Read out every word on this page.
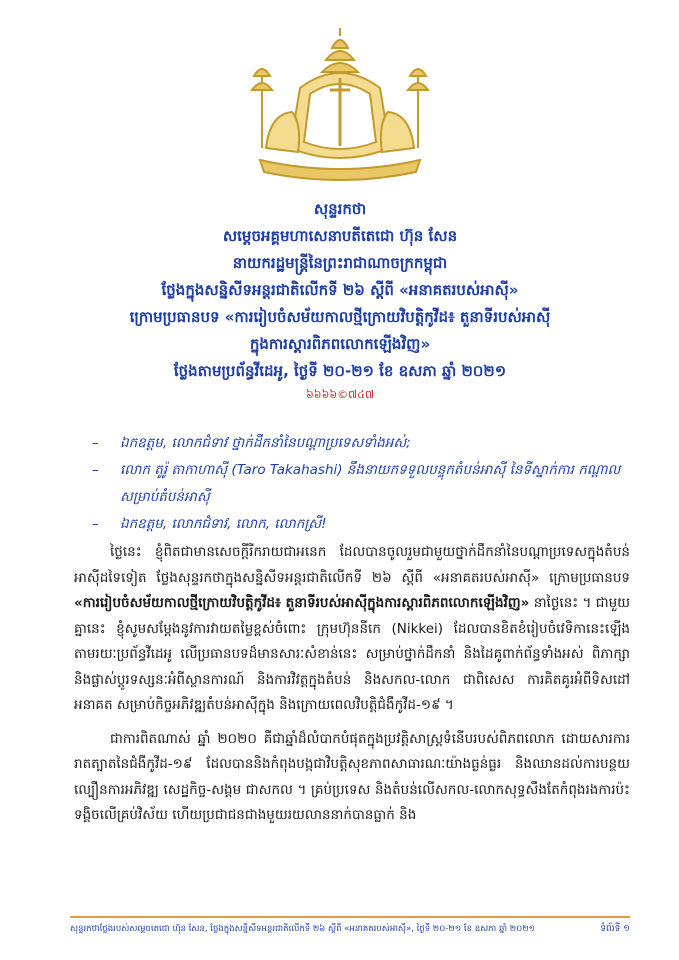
សុន្ទរកថា
សម្ដេចអគ្គមហាសេនាបតីតេជោ ហ៊ុន សែន
នាយករដ្ឋមន្ត្រីនៃព្រះរាជាណាចក្រកម្ពុជា
ថ្លែងក្នុងសន្និសីទអន្តរជាតិលើកទី ២៦ ស្ដីពី «អនាគតរបស់អាស៊ី»
ក្រោមប្រធានបទ «ការរៀបចំសម័យកាលថ្មីក្រោយវិបត្តិកូវីដ៖ តួនាទីរបស់អាស៊ី
ក្នុងការស្តារពិភពលោកឡើងវិញ»
ថ្លែងតាមប្រព័ន្ធវីដេអូ, ថ្ងៃទី ២០-២១ ខែ ឧសភា ឆ្នាំ ២០២១
៦៦៦៦©៧៤៧
– ឯកឧត្ដម, លោកជំទាវ ថ្នាក់ដឹកនាំនៃបណ្ដាប្រទេសទាំងអស់;
– លោក តូរ៉ូ តាកាហាស៊ី (Taro Takahashi) នឹងនាយកទទួលបន្ទុកតំបន់អាស៊ី នៃទីស្នាក់ការ កណ្ដាលសម្រាប់តំបន់អាស៊ី
– ឯកឧត្ដម, លោកជំទាវ, លោក, លោកស្រី!

ថ្ងៃនេះ ខ្ញុំពិតជាមានសេចក្ដីរីករាយជាអនេក ដែលបានចូលរួមជាមួយថ្នាក់ដឹកនាំនៃបណ្ដាប្រទេសក្នុងតំបន់អាស៊ីដទៃទៀត ថ្លែងសុន្ទរកថាក្នុងសន្និសីទអន្តរជាតិលើកទី ២៦ ស្ដីពី «អនាគតរបស់អាស៊ី» ក្រោមប្រធានបទ «ការរៀបចំសម័យកាលថ្មីក្រោយវិបត្តិកូវីដ៖ តួនាទីរបស់អាស៊ីក្នុងការស្តារពិភពលោកឡើងវិញ» នាថ្ងៃនេះ ។ ជាមួយគ្នានេះ ខ្ញុំសូមសម្ដែងនូវការវាយតម្លៃខ្ពស់ចំពោះ ក្រុមហ៊ុននីកេ (Nikkei) ដែលបានខិតខំរៀបចំវេទិកានេះឡើងតាមរយៈប្រព័ន្ធវីដេអូ លើប្រធានបទដ៏មានសារៈសំខាន់នេះ សម្រាប់ថ្នាក់ដឹកនាំ និងដៃគូពាក់ព័ន្ធទាំងអស់ ពិភាក្សា និងផ្លាស់ប្ដូរទស្សនៈអំពីស្ថានការណ៍ និងការវិវត្តក្នុងតំបន់ និងសកល-លោក ជាពិសេស ការគិតគូរអំពីទិសដៅអនាគត សម្រាប់កិច្ចអភិវឌ្ឍតំបន់អាស៊ីក្នុង និងក្រោយពេលវិបត្តិជំងឺកូវីដ-១៩ ។

ជាការពិតណាស់ ឆ្នាំ ២០២០ គឺជាឆ្នាំដ៏លំបាកបំផុតក្នុងប្រវត្តិសាស្ត្រទំនើបរបស់ពិភពលោក ដោយសារការរាតត្បាតនៃជំងឺកូវីដ-១៩ ដែលបាននិងកំពុងបង្កជាវិបត្តិសុខភាពសាធារណៈយ៉ាងធ្ងន់ធ្ងរ និងឈានដល់ការបន្ថយល្បឿនការអភិវឌ្ឍ សេដ្ឋកិច្ច-សង្គម ជាសកល ។ គ្រប់ប្រទេស និងតំបន់លើសកល-លោកសុទ្ធសឹងតែកំពុងរងការប៉ះទង្គិចលើគ្រប់វិស័យ ហើយប្រជាជនជាងមួយរយលាននាក់បានធ្លាក់ និង

សុន្ទរកថាថ្លែងរបស់សម្ដេចតេជោ ហ៊ុន សែន, ថ្លែងក្នុងសន្និសីទអន្តរជាតិលើកទី ២៦ ស្ដីពី «អនាគតរបស់អាស៊ី», ថ្ងៃទី ២០-២១ ខែ ឧសភា ឆ្នាំ ២០២១	ទំព័រទី ១
